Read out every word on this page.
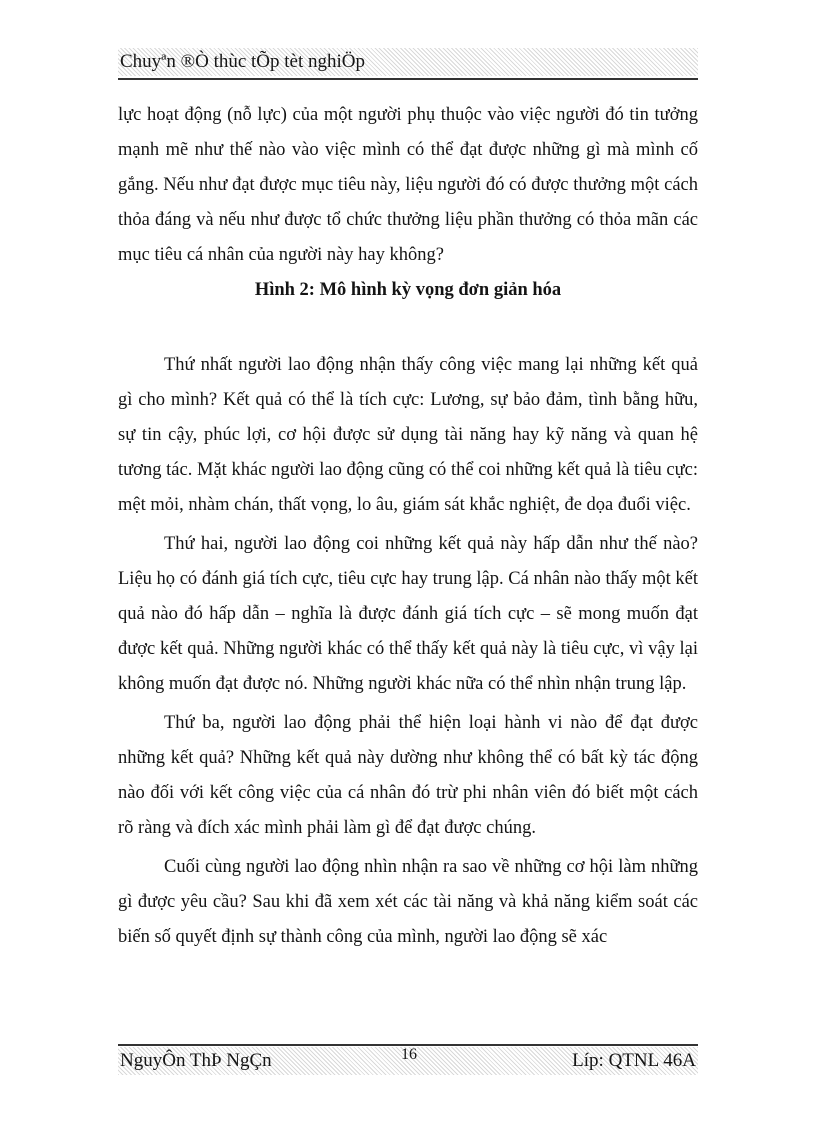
Chuyªn ®Ò thùc tÕp tèt nghiÖp

lực hoạt động (nỗ lực) của một người phụ thuộc vào việc người đó tin tưởng mạnh mẽ như thế nào vào việc mình có thể đạt được những gì mà mình cố gắng. Nếu như đạt được mục tiêu này, liệu người đó có được thưởng một cách thỏa đáng và nếu như được tổ chức thưởng liệu phần thưởng có thỏa mãn các mục tiêu cá nhân của người này hay không?

Hình 2: Mô hình kỳ vọng đơn giản hóa

Thứ nhất người lao động nhận thấy công việc mang lại những kết quả gì cho mình? Kết quả có thể là tích cực: Lương, sự bảo đảm, tình bằng hữu, sự tin cậy, phúc lợi, cơ hội được sử dụng tài năng hay kỹ năng và quan hệ tương tác. Mặt khác người lao động cũng có thể coi những kết quả là tiêu cực: mệt mỏi, nhàm chán, thất vọng, lo âu, giám sát khắc nghiệt, đe dọa đuổi việc.

Thứ hai, người lao động coi những kết quả này hấp dẫn như thế nào? Liệu họ có đánh giá tích cực, tiêu cực hay trung lập. Cá nhân nào thấy một kết quả nào đó hấp dẫn – nghĩa là được đánh giá tích cực – sẽ mong muốn đạt được kết quả. Những người khác có thể thấy kết quả này là tiêu cực, vì vậy lại không muốn đạt được nó. Những người khác nữa có thể nhìn nhận trung lập.

Thứ ba, người lao động phải thể hiện loại hành vi nào để đạt được những kết quả? Những kết quả này dường như không thể có bất kỳ tác động nào đối với kết công việc của cá nhân đó trừ phi nhân viên đó biết một cách rõ ràng và đích xác mình phải làm gì để đạt được chúng.

Cuối cùng người lao động nhìn nhận ra sao về những cơ hội làm những gì được yêu cầu? Sau khi đã xem xét các tài năng và khả năng kiểm soát các biến số quyết định sự thành công của mình, người lao động sẽ xác

NguyÔn ThÞ NgÇn	16	Líp: QTNL 46A
